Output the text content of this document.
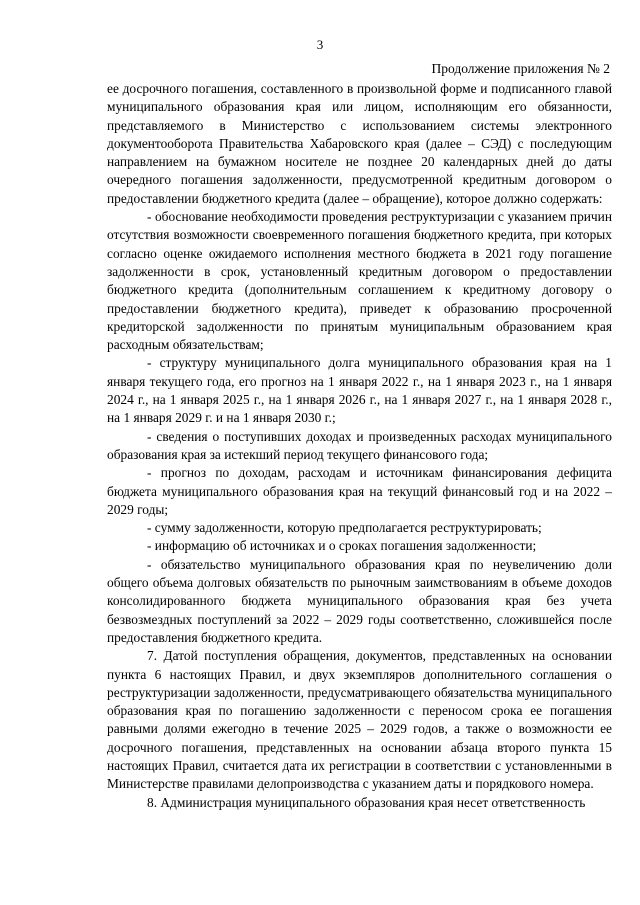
3
Продолжение приложения № 2

ее досрочного погашения, составленного в произвольной форме и подписанного главой муниципального образования края или лицом, исполняющим его обязанности, представляемого в Министерство с использованием системы электронного документооборота Правительства Хабаровского края (далее – СЭД) с последующим направлением на бумажном носителе не позднее 20 календарных дней до даты очередного погашения задолженности, предусмотренной кредитным договором о предоставлении бюджетного кредита (далее – обращение), которое должно содержать:

- обоснование необходимости проведения реструктуризации с указанием причин отсутствия возможности своевременного погашения бюджетного кредита, при которых согласно оценке ожидаемого исполнения местного бюджета в 2021 году погашение задолженности в срок, установленный кредитным договором о предоставлении бюджетного кредита (дополнительным соглашением к кредитному договору о предоставлении бюджетного кредита), приведет к образованию просроченной кредиторской задолженности по принятым муниципальным образованием края расходным обязательствам;

- структуру муниципального долга муниципального образования края на 1 января текущего года, его прогноз на 1 января 2022 г., на 1 января 2023 г., на 1 января 2024 г., на 1 января 2025 г., на 1 января 2026 г., на 1 января 2027 г., на 1 января 2028 г., на 1 января 2029 г. и на 1 января 2030 г.;

- сведения о поступивших доходах и произведенных расходах муниципального образования края за истекший период текущего финансового года;

- прогноз по доходам, расходам и источникам финансирования дефицита бюджета муниципального образования края на текущий финансовый год и на 2022 – 2029 годы;

- сумму задолженности, которую предполагается реструктурировать;

- информацию об источниках и о сроках погашения задолженности;

- обязательство муниципального образования края по неувеличению доли общего объема долговых обязательств по рыночным заимствованиям в объеме доходов консолидированного бюджета муниципального образования края без учета безвозмездных поступлений за 2022 – 2029 годы соответственно, сложившейся после предоставления бюджетного кредита.

7. Датой поступления обращения, документов, представленных на основании пункта 6 настоящих Правил, и двух экземпляров дополнительного соглашения о реструктуризации задолженности, предусматривающего обязательства муниципального образования края по погашению задолженности с переносом срока ее погашения равными долями ежегодно в течение 2025 – 2029 годов, а также о возможности ее досрочного погашения, представленных на основании абзаца второго пункта 15 настоящих Правил, считается дата их регистрации в соответствии с установленными в Министерстве правилами делопроизводства с указанием даты и порядкового номера.

8. Администрация муниципального образования края несет ответственность
